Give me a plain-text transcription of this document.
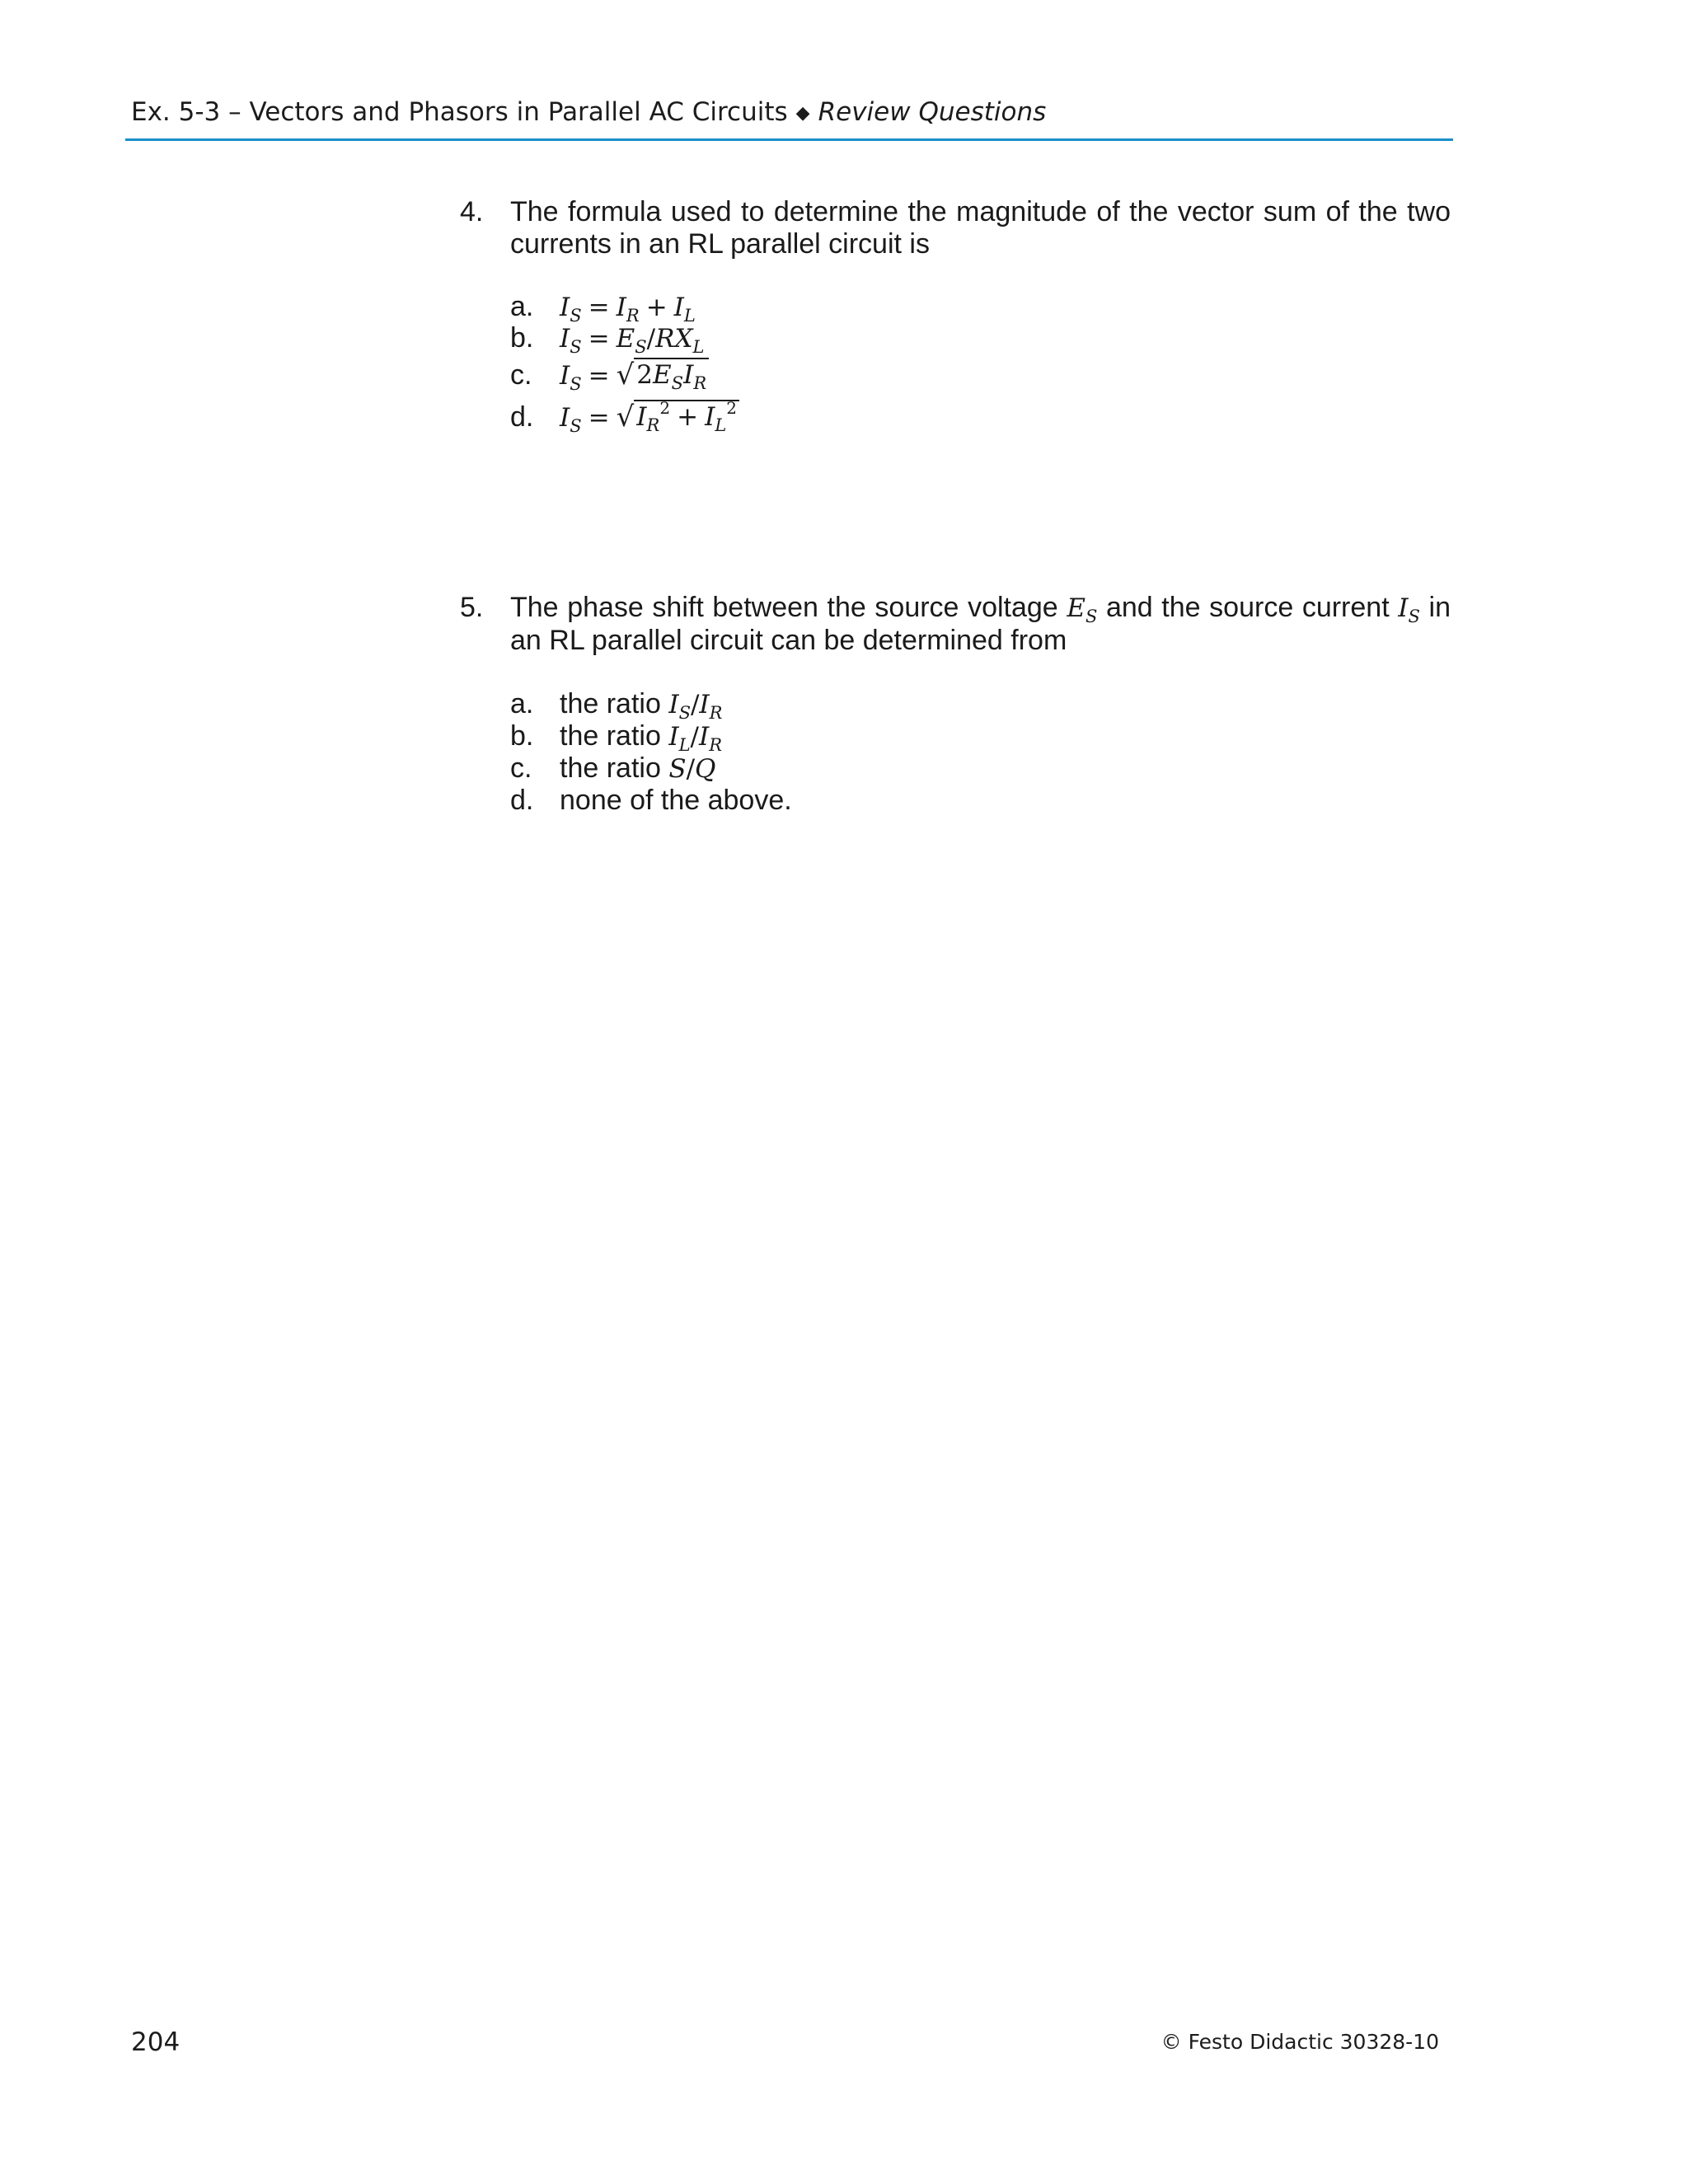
Ex. 5-3 – Vectors and Phasors in Parallel AC Circuits ◆ Review Questions
4. The formula used to determine the magnitude of the vector sum of the two currents in an RL parallel circuit is
a.	$I_S = I_R + I_L$
b.	$I_S = E_S/RX_L$
c.	$I_S$ = √ $2E_SI_R$
d.	$I_S$ = √ $I_R^2 + I_L^2$
5. The phase shift between the source voltage $E_S$ and the source current $I_S$ in an RL parallel circuit can be determined from
a. the ratio
$I_S/I_R$
b. the ratio
$I_L/I_R$
c. the ratio
S/Q
d. none of the above.
204	© Festo Didactic 30328-10
